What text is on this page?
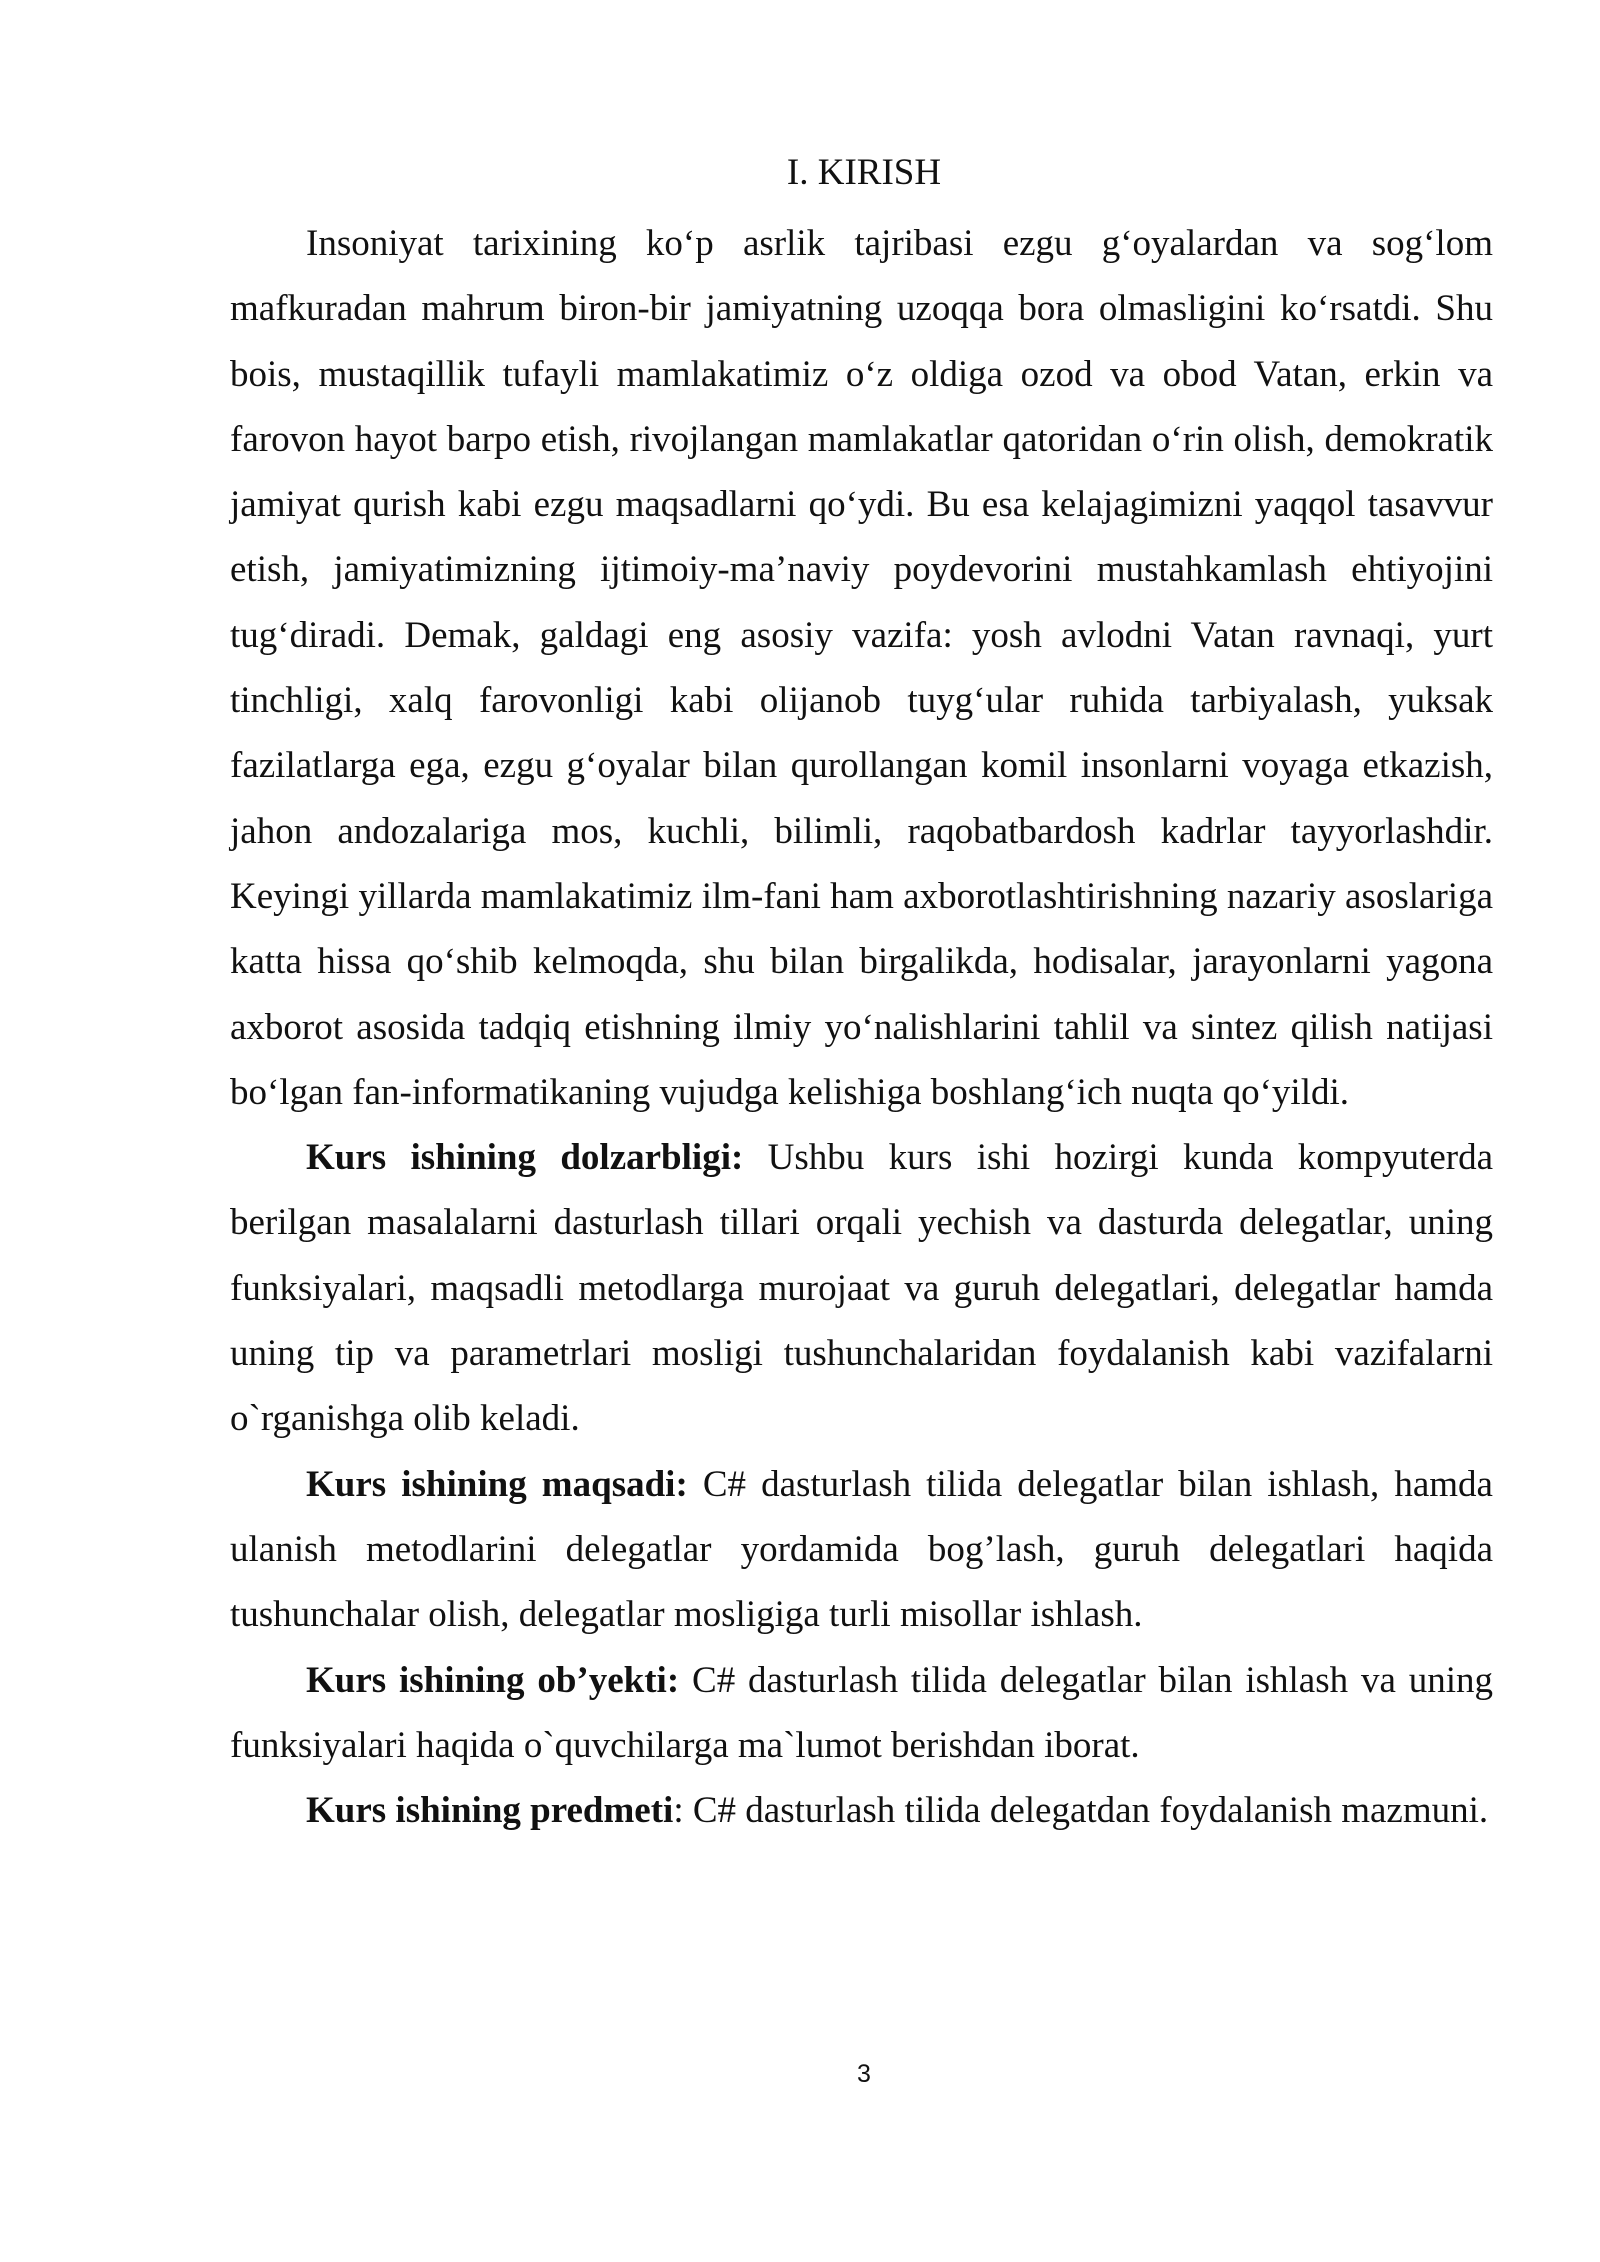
I. KIRISH

Insoniyat tarixining ko‘p asrlik tajribasi ezgu g‘oyalardan va sog‘lom mafkuradan mahrum biron-bir jamiyatning uzoqqa bora olmasligini ko‘rsatdi. Shu bois, mustaqillik tufayli mamlakatimiz o‘z oldiga ozod va obod Vatan, erkin va farovon hayot barpo etish, rivojlangan mamlakatlar qatoridan o‘rin olish, demokratik jamiyat qurish kabi ezgu maqsadlarni qo‘ydi. Bu esa kelajagimizni yaqqol tasavvur etish, jamiyatimizning ijtimoiy-ma’naviy poydevorini mustahkamlash ehtiyojini tug‘diradi. Demak, galdagi eng asosiy vazifa: yosh avlodni Vatan ravnaqi, yurt tinchligi, xalq farovonligi kabi olijanob tuyg‘ular ruhida tarbiyalash, yuksak fazilatlarga ega, ezgu g‘oyalar bilan qurollangan komil insonlarni voyaga etkazish, jahon andozalariga mos, kuchli, bilimli, raqobatbardosh kadrlar tayyorlashdir. Keyingi yillarda mamlakatimiz ilm-fani ham axborotlashtirishning nazariy asoslariga katta hissa qo‘shib kelmoqda, shu bilan birgalikda, hodisalar, jarayonlarni yagona axborot asosida tadqiq etishning ilmiy yo‘nalishlarini tahlil va sintez qilish natijasi bo‘lgan fan-informatikaning vujudga kelishiga boshlang‘ich nuqta qo‘yildi.

Kurs ishining dolzarbligi: Ushbu kurs ishi hozirgi kunda kompyuterda berilgan masalalarni dasturlash tillari orqali yechish va dasturda delegatlar, uning funksiyalari, maqsadli metodlarga murojaat va guruh delegatlari, delegatlar hamda uning tip va parametrlari mosligi tushunchalaridan foydalanish kabi vazifalarni o`rganishga olib keladi.

Kurs ishining maqsadi: C# dasturlash tilida delegatlar bilan ishlash, hamda ulanish metodlarini delegatlar yordamida bog’lash, guruh delegatlari haqida tushunchalar olish, delegatlar mosligiga turli misollar ishlash.

Kurs ishining ob’yekti: C# dasturlash tilida delegatlar bilan ishlash va uning funksiyalari haqida o`quvchilarga ma`lumot berishdan iborat.

Kurs ishining predmeti: C# dasturlash tilida delegatdan foydalanish mazmuni.

3
